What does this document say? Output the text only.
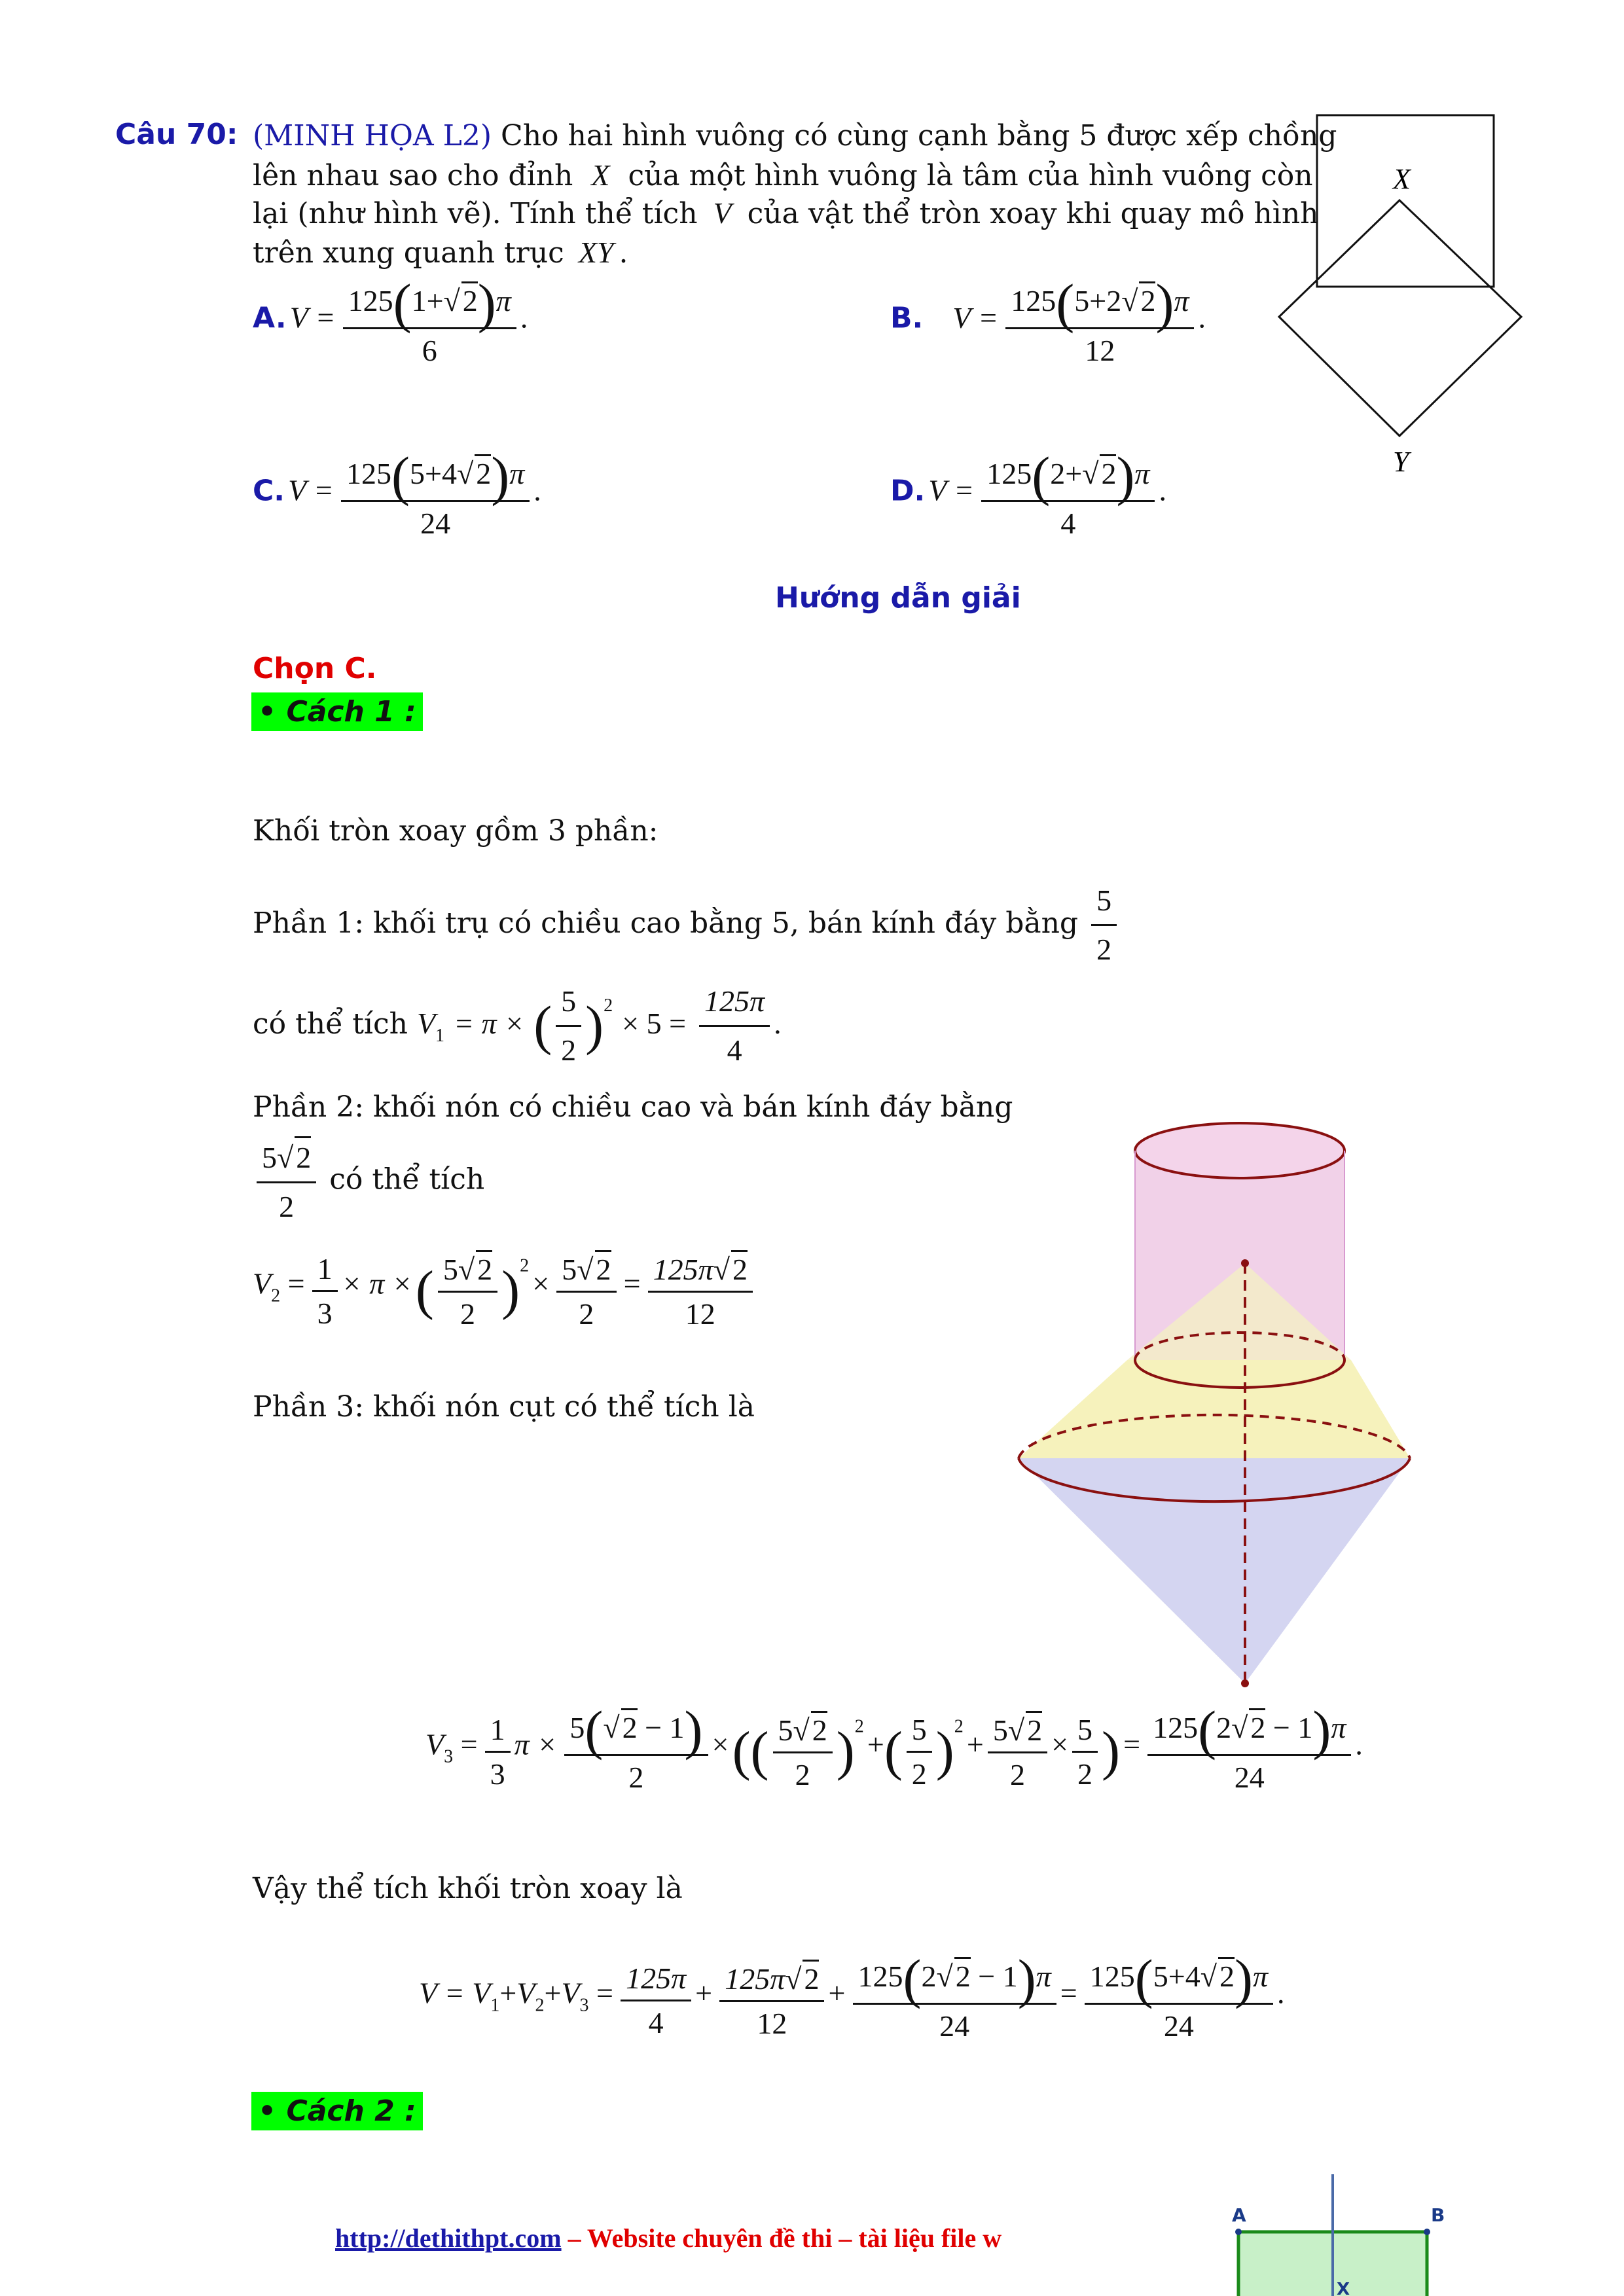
Câu 70: (MINH HỌA L2) Cho hai hình vuông có cùng cạnh bằng 5 được xếp chồng
lên nhau sao cho đỉnh X của một hình vuông là tâm của hình vuông còn
lại (như hình vẽ). Tính thể tích V của vật thể tròn xoay khi quay mô hình
trên xung quanh trục XY .
X
Y
A. $V = \frac{125(1+√2)\pi}{6}$ .	B. $V = \frac{125(5+2√2)\pi}{12}$ .
C. $V = \frac{125(5+4√2)\pi}{24}$ .	D. $V = \frac{125(2+√2)\pi}{4}$ .
Hướng dẫn giải
Chọn C.
• Cách 1 :
Khối tròn xoay gồm 3 phần:
Phần 1: khối trụ có chiều cao bằng 5, bán kính đáy bằng $\frac{5}{2}$
có thể tích $V_1 = \pi$ × ( $\frac{5}{2} )^2 \times 5 = \frac{125\pi}{4}$ .
Phần 2: khối nón có chiều cao và bán kính đáy bằng
$\frac{5√2}{2}$ có thể tích
$V2 = \frac{1}{3} \times \pi$ × ( $\frac{5√2}{2} )2 \times \frac{5√2}{2} = \frac{125\pi√2}{12}$
Phần 3: khối nón cụt có thể tích là
$V3 = \frac{1}{3}$ $\pi \times \frac{5(√2 - 1)}{2}$ × (( $\frac{5√2}{2} )2$ +( $\frac{5}{2} )2 + \frac{5√2}{2} \times \frac{5}{2}$ ) = $\frac{125(2√2 - 1)\pi}{24}$ .
Vậy thể tích khối tròn xoay là
$V = V1+V2+V3 = \frac{125\pi}{4} + \frac{125\pi√2}{12} + \frac{125(2√2 - 1)\pi}{24} = \frac{125(5+4√2)\pi}{24}$ .
• Cách 2 :
http://dethithpt.com – Website chuyên đề thi – tài liệu file w
A	B
X
